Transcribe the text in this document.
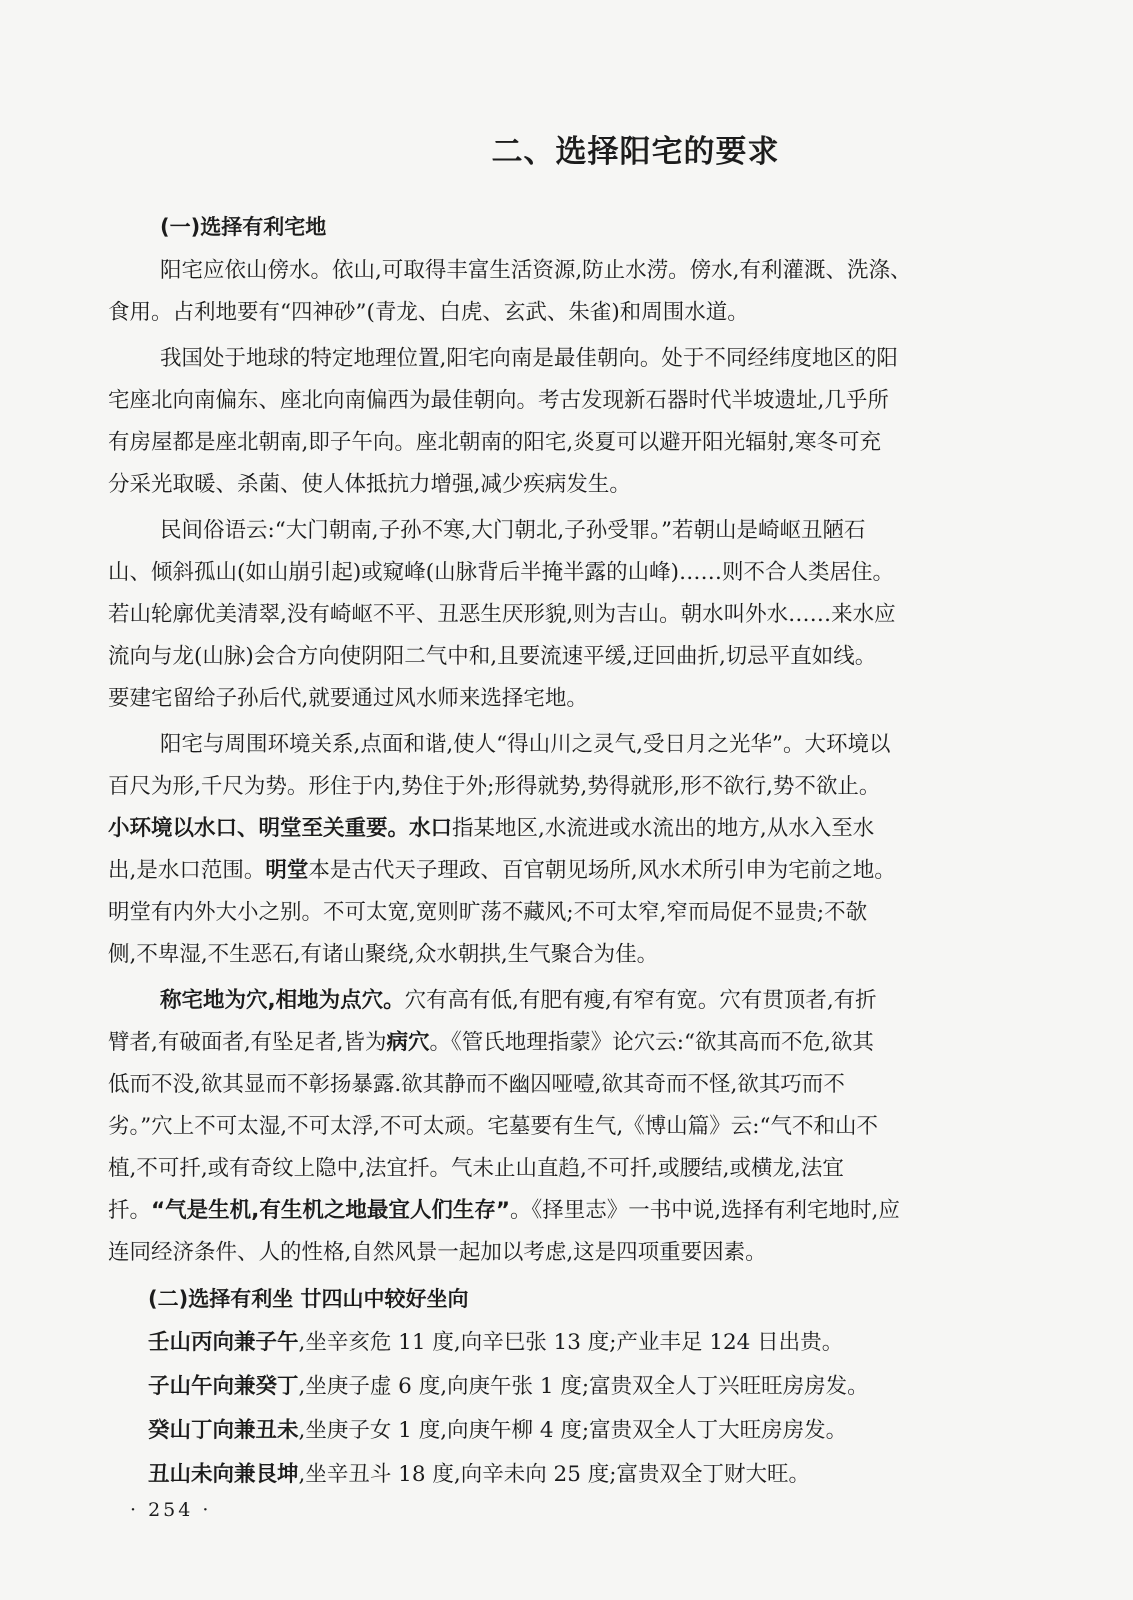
二、选择阳宅的要求
(一)选择有利宅地
阳宅应依山傍水。依山,可取得丰富生活资源,防止水涝。傍水,有利灌溉、洗涤、
食用。占利地要有“四神砂”(青龙、白虎、玄武、朱雀)和周围水道。
我国处于地球的特定地理位置,阳宅向南是最佳朝向。处于不同经纬度地区的阳
宅座北向南偏东、座北向南偏西为最佳朝向。考古发现新石器时代半坡遗址,几乎所
有房屋都是座北朝南,即子午向。座北朝南的阳宅,炎夏可以避开阳光辐射,寒冬可充
分采光取暖、杀菌、使人体抵抗力增强,减少疾病发生。
民间俗语云:“大门朝南,子孙不寒,大门朝北,子孙受罪。”若朝山是崎岖丑陋石
山、倾斜孤山(如山崩引起)或窥峰(山脉背后半掩半露的山峰)……则不合人类居住。
若山轮廓优美清翠,没有崎岖不平、丑恶生厌形貌,则为吉山。朝水叫外水……来水应
流向与龙(山脉)会合方向使阴阳二气中和,且要流速平缓,迂回曲折,切忌平直如线。
要建宅留给子孙后代,就要通过风水师来选择宅地。
阳宅与周围环境关系,点面和谐,使人“得山川之灵气,受日月之光华”。大环境以
百尺为形,千尺为势。形住于内,势住于外;形得就势,势得就形,形不欲行,势不欲止。
小环境以水口、明堂至关重要。水口指某地区,水流进或水流出的地方,从水入至水
出,是水口范围。明堂本是古代天子理政、百官朝见场所,风水术所引申为宅前之地。
明堂有内外大小之别。不可太宽,宽则旷荡不藏风;不可太窄,窄而局促不显贵;不欹
侧,不卑湿,不生恶石,有诸山聚绕,众水朝拱,生气聚合为佳。
称宅地为穴,相地为点穴。穴有高有低,有肥有瘦,有窄有宽。穴有贯顶者,有折
臂者,有破面者,有坠足者,皆为病穴。《管氏地理指蒙》论穴云:“欲其高而不危,欲其
低而不没,欲其显而不彰扬暴露.欲其静而不幽囚哑噎,欲其奇而不怪,欲其巧而不
劣。”穴上不可太湿,不可太浮,不可太顽。宅墓要有生气,《博山篇》云:“气不和山不
植,不可扦,或有奇纹上隐中,法宜扦。气未止山直趋,不可扦,或腰结,或横龙,法宜
扦。“气是生机,有生机之地最宜人们生存”。《择里志》一书中说,选择有利宅地时,应
连同经济条件、人的性格,自然风景一起加以考虑,这是四项重要因素。
(二)选择有利坐 廿四山中较好坐向
壬山丙向兼子午,坐辛亥危 11 度,向辛巳张 13 度;产业丰足 124 日出贵。
子山午向兼癸丁,坐庚子虚 6 度,向庚午张 1 度;富贵双全人丁兴旺旺房房发。
癸山丁向兼丑未,坐庚子女 1 度,向庚午柳 4 度;富贵双全人丁大旺房房发。
丑山未向兼艮坤,坐辛丑斗 18 度,向辛未向 25 度;富贵双全丁财大旺。
· 254 ·
